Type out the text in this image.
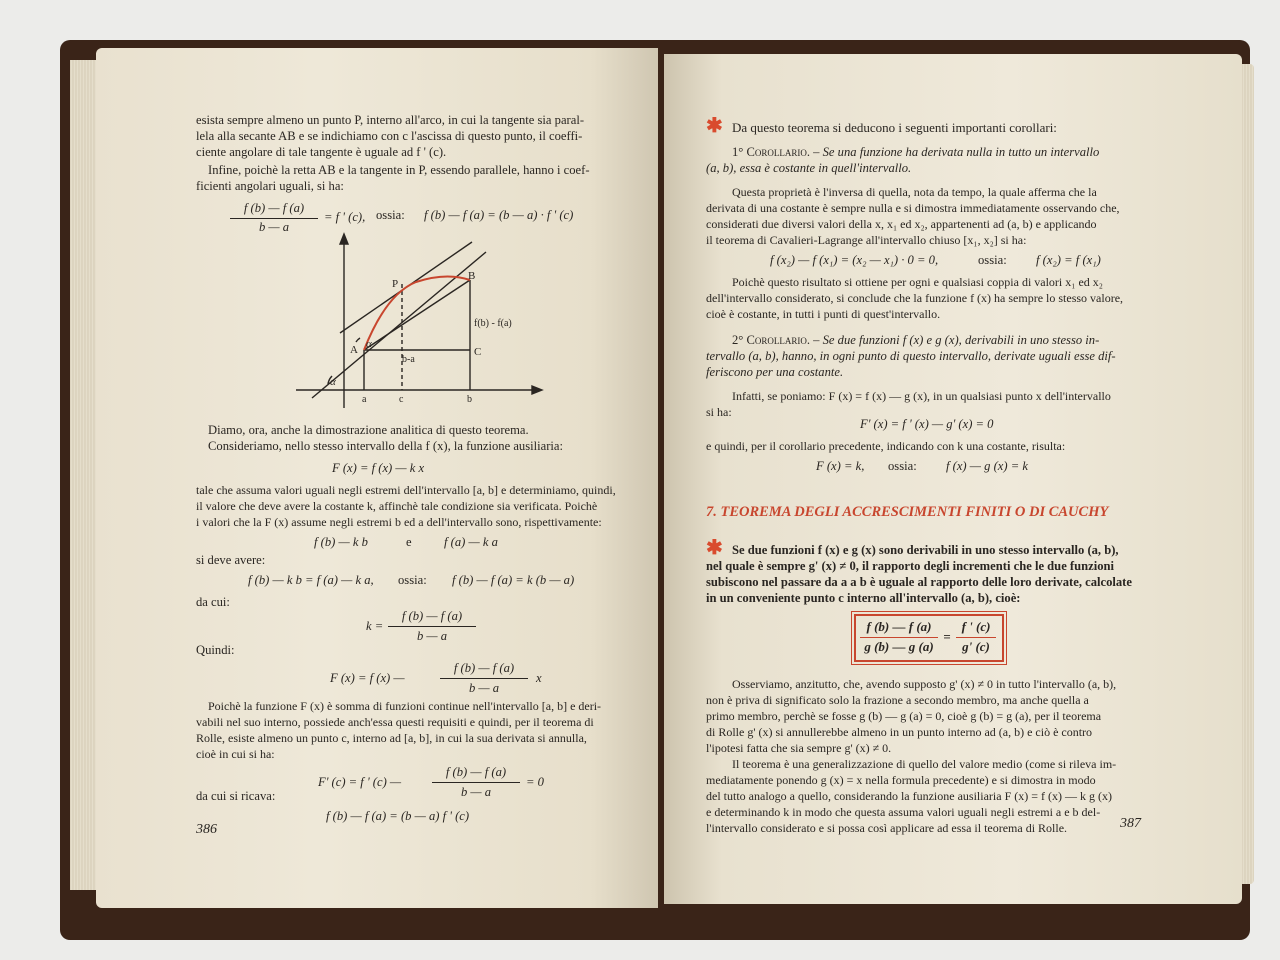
esista sempre almeno un punto P, interno all'arco, in cui la tangente sia paral-
lela alla secante AB e se indichiamo con c l'ascissa di questo punto, il coeffi-
ciente angolare di tale tangente è uguale ad f ' (c).
Infine, poichè la retta AB e la tangente in P, essendo parallele, hanno i coef-
ficienti angolari uguali, si ha:
f (b) — f (a)
b — a
= f ' (c), ossia: f (b) — f (a) = (b — a) · f ' (c)
P
B
A	C
α
α
f(b) - f(a)
b-a
a	c	b
Diamo, ora, anche la dimostrazione analitica di questo teorema.
Consideriamo, nello stesso intervallo della f (x), la funzione ausiliaria:
F (x) = f (x) — k x
tale che assuma valori uguali negli estremi dell'intervallo [a, b] e determiniamo, quindi,
il valore che deve avere la costante k, affinchè tale condizione sia verificata. Poichè
i valori che la F (x) assume negli estremi b ed a dell'intervallo sono, rispettivamente:
f (b) — k b	e	f (a) — k a
si deve avere:
f (b) — k b = f (a) — k a, ossia: f (b) — f (a) = k (b — a)
da cui:
k =
f (b) — f (a)
b — a
Quindi:
F (x) = f (x) —
f (b) — f (a)
b — a
x
Poichè la funzione F (x) è somma di funzioni continue nell'intervallo [a, b] e deri-
vabili nel suo interno, possiede anch'essa questi requisiti e quindi, per il teorema di
Rolle, esiste almeno un punto c, interno ad [a, b], in cui la sua derivata si annulla,
cioè in cui si ha:
F' (c) = f ' (c) —
f (b) — f (a)
b — a
= 0
da cui si ricava:
f (b) — f (a) = (b — a) f ' (c)
386
✱ Da questo teorema si deducono i seguenti importanti corollari:
1° Corollario. – Se una funzione ha derivata nulla in tutto un intervallo
(a, b), essa è costante in quell'intervallo.
Questa proprietà è l'inversa di quella, nota da tempo, la quale afferma che la
derivata di una costante è sempre nulla e si dimostra immediatamente osservando che,
considerati due diversi valori della x, x₁ ed x₂, appartenenti ad (a, b) e applicando
il teorema di Cavalieri-Lagrange all'intervallo chiuso [x₁, x₂] si ha:
f (x₂) — f (x₁) = (x₂ — x₁) · 0 = 0,	ossia: f (x₂) = f (x₁)
Poichè questo risultato si ottiene per ogni e qualsiasi coppia di valori x₁ ed x₂
dell'intervallo considerato, si conclude che la funzione f (x) ha sempre lo stesso valore,
cioè è costante, in tutti i punti di quest'intervallo.
2° Corollario. – Se due funzioni f (x) e g (x), derivabili in uno stesso in-
tervallo (a, b), hanno, in ogni punto di questo intervallo, derivate uguali esse dif-
feriscono per una costante.
Infatti, se poniamo: F (x) = f (x) — g (x), in un qualsiasi punto x dell'intervallo
si ha:
F' (x) = f ' (x) — g' (x) = 0
e quindi, per il corollario precedente, indicando con k una costante, risulta:
F (x) = k, ossia: f (x) — g (x) = k
7. TEOREMA DEGLI ACCRESCIMENTI FINITI O DI CAUCHY
✱ Se due funzioni f (x) e g (x) sono derivabili in uno stesso intervallo (a, b),
nel quale è sempre g' (x) ≠ 0, il rapporto degli incrementi che le due funzioni
subiscono nel passare da a a b è uguale al rapporto delle loro derivate, calcolate
in un conveniente punto c interno all'intervallo (a, b), cioè:
f (b) — f (a)
g (b) — g (a)
=
f ' (c)
g' (c)
Osserviamo, anzitutto, che, avendo supposto g' (x) ≠ 0 in tutto l'intervallo (a, b),
non è priva di significato solo la frazione a secondo membro, ma anche quella a
primo membro, perchè se fosse g (b) — g (a) = 0, cioè g (b) = g (a), per il teorema
di Rolle g' (x) si annullerebbe almeno in un punto interno ad (a, b) e ciò è contro
l'ipotesi fatta che sia sempre g' (x) ≠ 0.
Il teorema è una generalizzazione di quello del valore medio (come si rileva im-
mediatamente ponendo g (x) = x nella formula precedente) e si dimostra in modo
del tutto analogo a quello, considerando la funzione ausiliaria F (x) = f (x) — k g (x)
e determinando k in modo che questa assuma valori uguali negli estremi a e b del-
l'intervallo considerato e si possa così applicare ad essa il teorema di Rolle.	387
